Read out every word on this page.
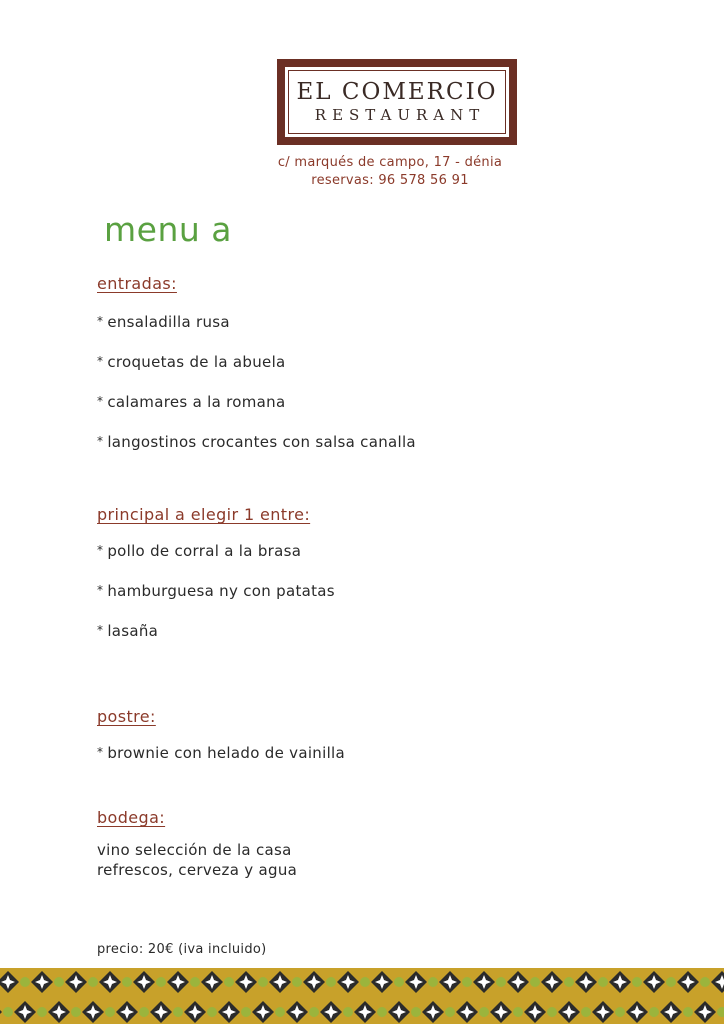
EL COMERCIO
RESTAURANT
c/ marqués de campo, 17 - dénia
reservas: 96 578 56 91
menu a
entradas:
* ensaladilla rusa
* croquetas de la abuela
* calamares a la romana
* langostinos crocantes con salsa canalla
principal a elegir 1 entre:
* pollo de corral a la brasa
* hamburguesa ny con patatas
* lasaña
postre:
* brownie con helado de vainilla
bodega:
vino selección de la casa
refrescos, cerveza y agua
precio: 20€ (iva incluido)
